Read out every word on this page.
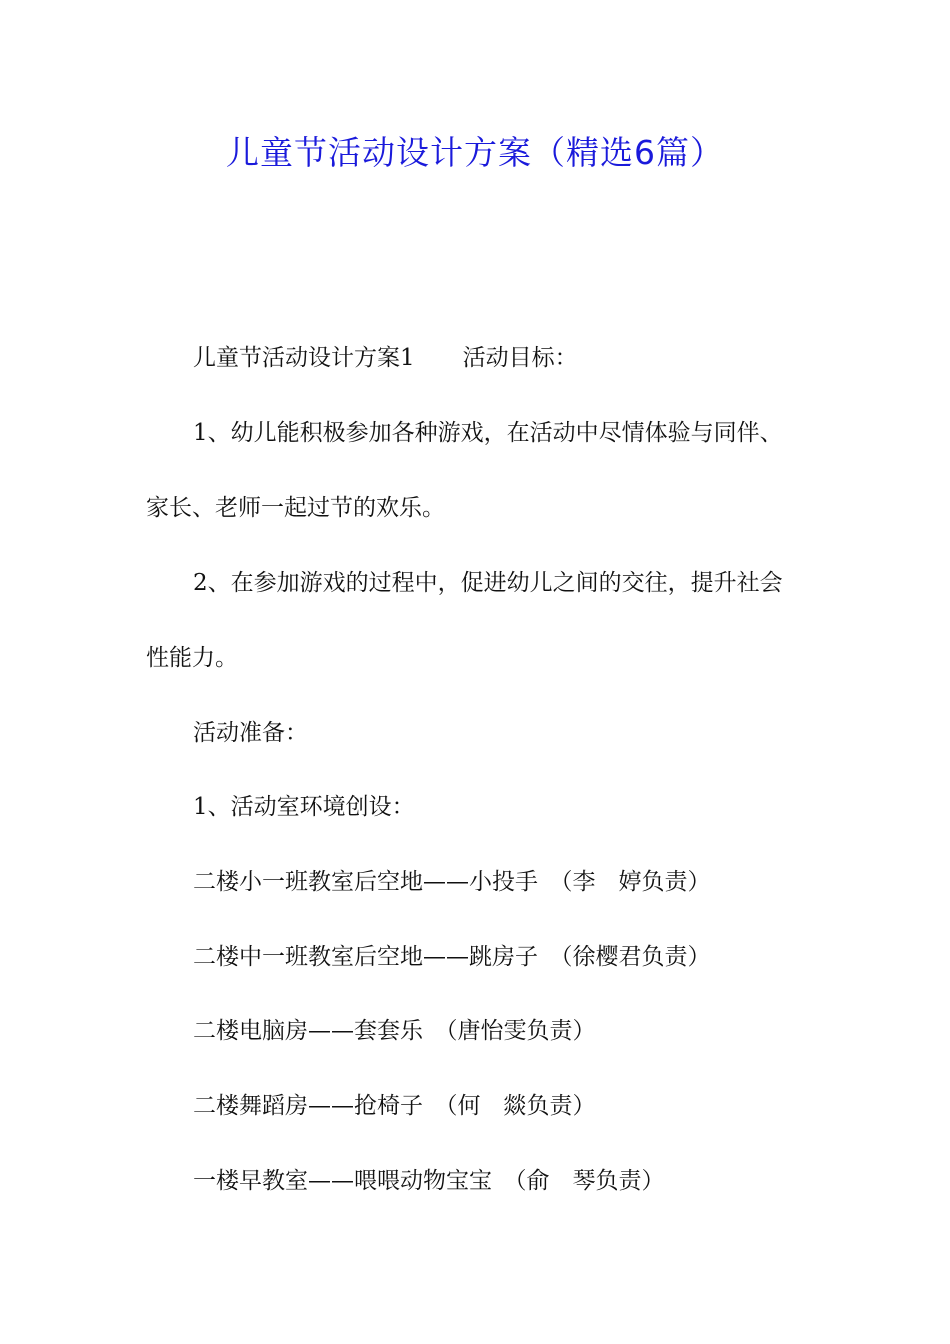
儿童节活动设计方案（精选6篇）

儿童节活动设计方案1 活动目标：

1、幼儿能积极参加各种游戏，在活动中尽情体验与同伴、

家长、老师一起过节的欢乐。

2、在参加游戏的过程中，促进幼儿之间的交往，提升社会

性能力。

活动准备：

1、活动室环境创设：

二楼小一班教室后空地——小投手　（李　婷负责）

二楼中一班教室后空地——跳房子　（徐樱君负责）

二楼电脑房——套套乐　（唐怡雯负责）

二楼舞蹈房——抢椅子　（何　燚负责）

一楼早教室——喂喂动物宝宝　（俞　琴负责）
